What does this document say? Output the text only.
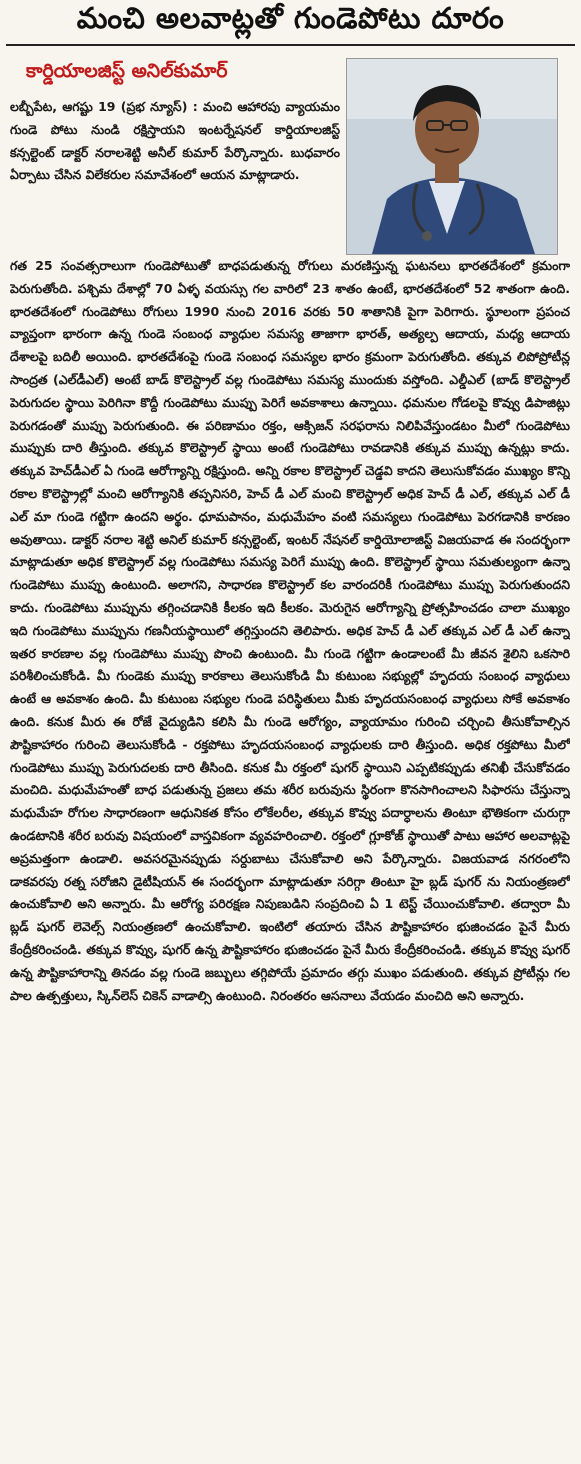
మంచి అలవాట్లతో గుండెపోటు దూరం
కార్డియాలజిస్ట్ అనిల్‌కుమార్

లబ్బీపేట, ఆగష్టు 19 (ప్రభ న్యూస్) : మంచి ఆహారపు వ్యాయమం గుండె పోటు నుండి రక్షిస్తాయని ఇంటర్నేషనల్ కార్డియాలజిస్ట్ కన్సల్టెంట్ డాక్టర్ నరాలశెట్టి అనీల్ కుమార్ పేర్కొన్నారు. బుధవారం ఏర్పాటు చేసిన విలేకరుల సమావేశంలో ఆయన మాట్లాడారు.

గత 25 సంవత్సరాలుగా గుండెపోటుతో బాధపడుతున్న రోగులు మరణిస్తున్న ఘటనలు భారతదేశంలో క్రమంగా పెరుగుతోంది. పశ్చిమ దేశాల్లో 70 ఏళ్ళ వయస్సు గల వారిలో 23 శాతం ఉంటే, భారతదేశంలో 52 శాతంగా ఉంది. భారతదేశంలో గుండెపోటు రోగులు 1990 నుంచి 2016 వరకు 50 శాతానికి పైగా పెరిగారు. స్థూలంగా ప్రపంచ వ్యాప్తంగా భారంగా ఉన్న గుండె సంబంధ వ్యాధుల సమస్య తాజాగా భారత్, అత్యల్ప ఆదాయ, మధ్య ఆదాయ దేశాలపై బదిలీ అయింది. భారతదేశంపై గుండె సంబంధ సమస్యల భారం క్రమంగా పెరుగుతోంది. తక్కువ లిపోప్రోటీన్ల సాంద్రత (ఎల్‌డీఎల్) అంటే బాడ్ కొలెస్ట్రాల్ వల్ల గుండెపోటు సమస్య ముందుకు వస్తోంది. ఎల్డీఎల్ (బాడ్ కొలెస్ట్రాల్ పెరుగుదల స్థాయి పెరిగినా కొద్దీ గుండెపోటు ముప్పు పెరిగే అవకాశాలు ఉన్నాయి. ధమనుల గోడలపై కొవ్వు డిపాజిట్లు పెరుగడంతో ముప్పు పెరుగుతుంది. ఈ పరిణామం రక్తం, ఆక్సిజన్ సరఫరాను నిలిపివేస్తుండటం మీలో గుండెపోటు ముప్పుకు దారి తీస్తుంది. తక్కువ కొలెస్ట్రాల్ స్థాయి అంటే గుండెపోటు రావడానికి తక్కువ ముప్పు ఉన్నట్లు కాదు. తక్కువ హెచ్‌డీఎల్ ఏ గుండె ఆరోగ్యాన్ని రక్షిస్తుంది. అన్ని రకాల కొలెస్ట్రాల్ చెడ్డవి కాదని తెలుసుకోవడం ముఖ్యం కొన్ని రకాల కొలెస్ట్రాల్లో మంచి ఆరోగ్యానికి తప్పనిసరి, హెచ్ డీ ఎల్ మంచి కొలెస్ట్రాల్ అధిక హెచ్ డీ ఎల్, తక్కువ ఎల్ డీ ఎల్ మా గుండె గట్టిగా ఉందని అర్థం. ధూమపానం, మధుమేహం వంటి సమస్యలు గుండెపోటు పెరగడానికి కారణం అవుతాయి. డాక్టర్ నరాల శెట్టి అనిల్ కుమార్ కన్సల్టెంట్, ఇంటర్ నేషనల్ కార్డియోలాజిస్ట్ విజయవాడ ఈ సందర్భంగా మాట్లాడుతూ అధిక కొలెస్ట్రాల్ వల్ల గుండెపోటు సమస్య పెరిగే ముప్పు ఉంది. కొలెస్ట్రాల్ స్థాయి సమతుల్యంగా ఉన్నా గుండెపోటు ముప్పు ఉంటుంది. అలాగని, సాధారణ కొలెస్ట్రాల్ కల వారందరికీ గుండెపోటు ముప్పు పెరుగుతుందని కాదు. గుండెపోటు ముప్పును తగ్గించడానికి కీలకం ఇది కీలకం. మెరుగైన ఆరోగ్యాన్ని ప్రోత్సహించడం చాలా ముఖ్యం ఇది గుండెపోటు ముప్పును గణనీయస్థాయిలో తగ్గిస్తుందని తెలిపారు. అధిక హెచ్ డీ ఎల్ తక్కువ ఎల్ డీ ఎల్ ఉన్నా ఇతర కారణాల వల్ల గుండెపోటు ముప్పు పొంచి ఉంటుంది. మీ గుండె గట్టిగా ఉండాలంటే మీ జీవన శైలిని ఒకసారి పరిశీలించుకోండి. మీ గుండెకు ముప్పు కారకాలు తెలుసుకోండి మీ కుటుంబ సభ్యుల్లో హృదయ సంబంధ వ్యాధులు ఉంటే ఆ అవకాశం ఉంది. మీ కుటుంబ సభ్యుల గుండె పరిస్థితులు మీకు హృదయసంబంధ వ్యాధులు సోకే అవకాశం ఉంది. కనుక మీరు ఈ రోజే వైద్యుడిని కలిసి మీ గుండె ఆరోగ్యం, వ్యాయామం గురించి చర్చించి తీసుకోవాల్సిన పౌష్టికాహారం గురించి తెలుసుకోండి - రక్తపోటు హృదయసంబంధ వ్యాధులకు దారి తీస్తుంది. అధిక రక్తపోటు మీలో గుండెపోటు ముప్పు పెరుగుదలకు దారి తీసింది. కనుక మీ రక్తంలో షుగర్ స్థాయిని ఎప్పటికప్పుడు తనిఖీ చేసుకోవడం మంచిది. మధుమేహంతో బాధ పడుతున్న ప్రజలు తమ శరీర బరువును స్థిరంగా కొనసాగించాలని సిఫారసు చేస్తున్నా మధుమేహ రోగుల సాధారణంగా ఆధునికత కోసం లోకేలరీల, తక్కువ కొవ్వు పదార్ధాలను తింటూ భౌతికంగా చురుగ్గా ఉండటానికి శరీర బరువు విషయంలో వాస్తవికంగా వ్యవహరించాలి. రక్తంలో గ్లూకోజ్ స్థాయితో పాటు ఆహార అలవాట్లపై అప్రమత్తంగా ఉండాలి. అవసరమైనప్పుడు సర్దుబాటు చేసుకోవాలి అని పేర్కొన్నారు. విజయవాడ నగరంలోని డాకవరపు రత్న సరోజిని డైటీషియన్ ఈ సందర్భంగా మాట్లాడుతూ సరిగ్గా తింటూ హై బ్లడ్ షుగర్ ను నియంత్రణలో ఉంచుకోవాలి అని అన్నారు. మీ ఆరోగ్య పరిరక్షణ నిపుణుడిని సంప్రదించి ఏ 1 టెస్ట్ చేయించుకోవాలి. తద్వారా మీ బ్లడ్ షుగర్ లెవెల్స్ నియంత్రణలో ఉంచుకోవాలి. ఇంటిలో తయారు చేసిన పౌష్టికాహారం భుజించడం పైనే మీరు కేంద్రీకరించండి. తక్కువ కొవ్వు, షుగర్ ఉన్న పౌష్టికాహారం భుజించడం పైనే మీరు కేంద్రీకరించండి. తక్కువ కొవ్వు షుగర్ ఉన్న పౌష్టికాహారాన్ని తినడం వల్ల గుండె జబ్బులు తగ్గిపోయే ప్రమాదం తగ్గు ముఖం పడుతుంది. తక్కువ ప్రోటీన్లు గల పాల ఉత్పత్తులు, స్కిన్‌లెస్ చికెన్ వాడాల్సి ఉంటుంది. నిరంతరం ఆసనాలు వేయడం మంచిది అని అన్నారు.
